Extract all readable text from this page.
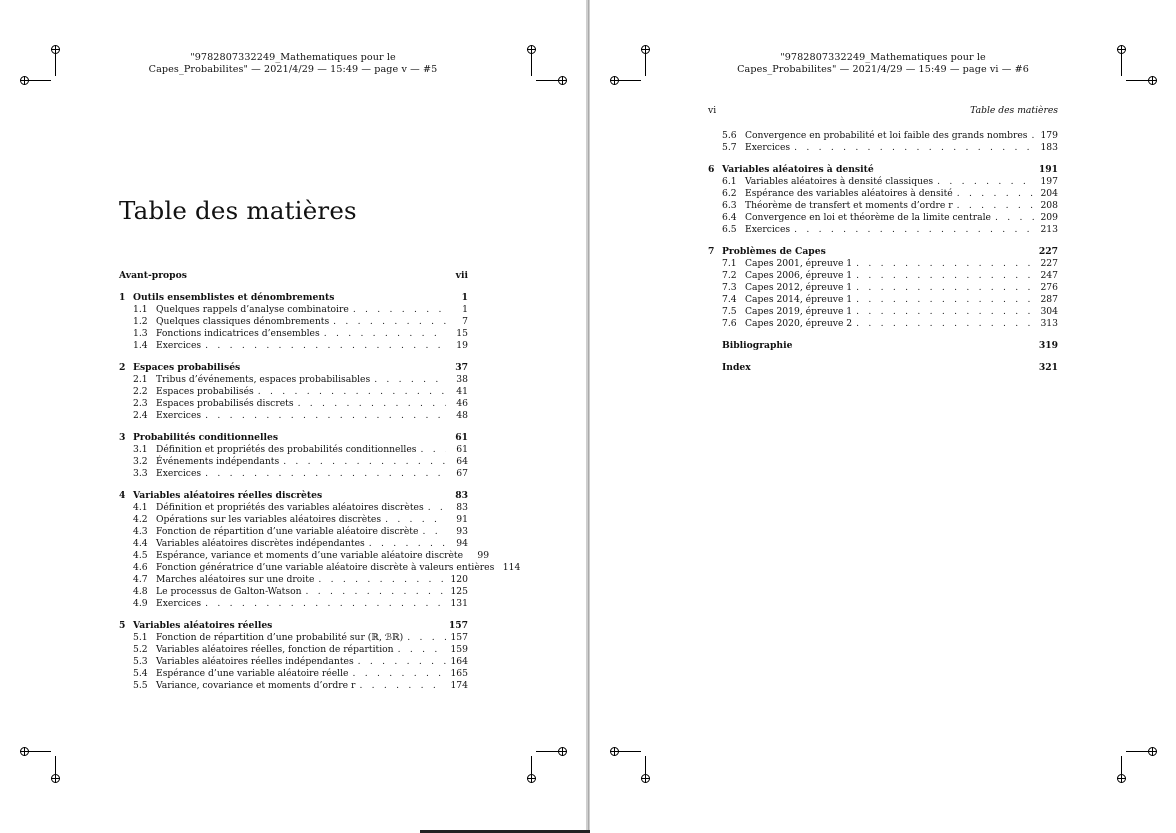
"9782807332249_Mathematiques pour le
Capes_Probabilites" — 2021/4/29 — 15:49 — page v — #5
Table des matières
Avant-propos	vii
1 Outils ensemblistes et dénombrements	1
1.1 Quelques rappels d’analyse combinatoire . . .	1
1.2 Quelques classiques dénombrements . . .	7
1.3 Fonctions indicatrices d’ensembles . . .	15
1.4 Exercices . . .	19
2 Espaces probabilisés	37
2.1 Tribus d’événements, espaces probabilisables . . .	38
2.2 Espaces probabilisés . . .	41
2.3 Espaces probabilisés discrets . . .	46
2.4 Exercices . . .	48
3 Probabilités conditionnelles	61
3.1 Définition et propriétés des probabilités conditionnelles . . .	61
3.2 Événements indépendants . . .	64
3.3 Exercices . . .	67
4 Variables aléatoires réelles discrètes	83
4.1 Définition et propriétés des variables aléatoires discrètes . . .	83
4.2 Opérations sur les variables aléatoires discrètes . . .	91
4.3 Fonction de répartition d’une variable aléatoire discrète . . .	93
4.4 Variables aléatoires discrètes indépendantes . . .	94
4.5 Espérance, variance et moments d’une variable aléatoire discrète	99
4.6 Fonction génératrice d’une variable aléatoire discrète à valeurs entières 114
4.7 Marches aléatoires sur une droite . . .	120
4.8 Le processus de Galton-Watson . . .	125
4.9 Exercices . . .	131
5 Variables aléatoires réelles	157
5.1 Fonction de répartition d’une probabilité sur (ℝ, ℬℝ) . . .	157
5.2 Variables aléatoires réelles, fonction de répartition . . .	159
5.3 Variables aléatoires réelles indépendantes . . .	164
5.4 Espérance d’une variable aléatoire réelle . . .	165
5.5 Variance, covariance et moments d’ordre r . . .	174
vi	Table des matières
"9782807332249_Mathematiques pour le
Capes_Probabilites" — 2021/4/29 — 15:49 — page vi — #6
5.6 Convergence en probabilité et loi faible des grands nombres . . . 179
5.7 Exercices . . .	183
6 Variables aléatoires à densité	191
6.1 Variables aléatoires à densité classiques . . .	197
6.2 Espérance des variables aléatoires à densité . . .	204
6.3 Théorème de transfert et moments d’ordre r . . .	208
6.4 Convergence en loi et théorème de la limite centrale . . .	209
6.5 Exercices . . .	213
7 Problèmes de Capes	227
7.1 Capes 2001, épreuve 1 . . .	227
7.2 Capes 2006, épreuve 1 . . .	247
7.3 Capes 2012, épreuve 1 . . .	276
7.4 Capes 2014, épreuve 1 . . .	287
7.5 Capes 2019, épreuve 1 . . .	304
7.6 Capes 2020, épreuve 2 . . .	313
Bibliographie	319
Index	321
